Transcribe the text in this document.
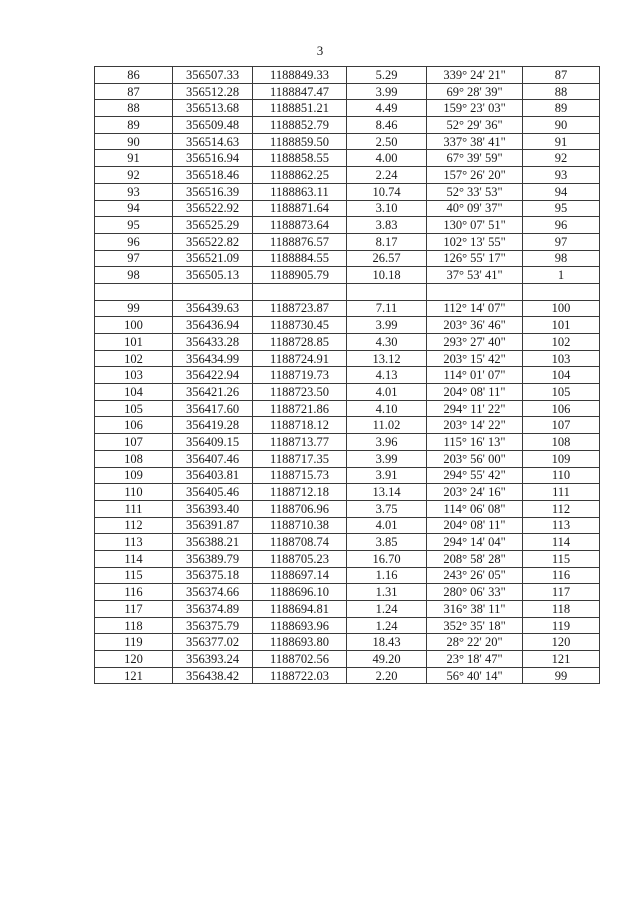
3
86	356507.33	1188849.33	5.29	339° 24' 21"	87
87	356512.28	1188847.47	3.99	69° 28' 39"	88
88	356513.68	1188851.21	4.49	159° 23' 03"	89
89	356509.48	1188852.79	8.46	52° 29' 36"	90
90	356514.63	1188859.50	2.50	337° 38' 41"	91
91	356516.94	1188858.55	4.00	67° 39' 59"	92
92	356518.46	1188862.25	2.24	157° 26' 20"	93
93	356516.39	1188863.11	10.74	52° 33' 53"	94
94	356522.92	1188871.64	3.10	40° 09' 37"	95
95	356525.29	1188873.64	3.83	130° 07' 51"	96
96	356522.82	1188876.57	8.17	102° 13' 55"	97
97	356521.09	1188884.55	26.57	126° 55' 17"	98
98	356505.13	1188905.79	10.18	37° 53' 41"	1

99	356439.63	1188723.87	7.11	112° 14' 07"	100
100	356436.94	1188730.45	3.99	203° 36' 46"	101
101	356433.28	1188728.85	4.30	293° 27' 40"	102
102	356434.99	1188724.91	13.12	203° 15' 42"	103
103	356422.94	1188719.73	4.13	114° 01' 07"	104
104	356421.26	1188723.50	4.01	204° 08' 11"	105
105	356417.60	1188721.86	4.10	294° 11' 22"	106
106	356419.28	1188718.12	11.02	203° 14' 22"	107
107	356409.15	1188713.77	3.96	115° 16' 13"	108
108	356407.46	1188717.35	3.99	203° 56' 00"	109
109	356403.81	1188715.73	3.91	294° 55' 42"	110
110	356405.46	1188712.18	13.14	203° 24' 16"	111
111	356393.40	1188706.96	3.75	114° 06' 08"	112
112	356391.87	1188710.38	4.01	204° 08' 11"	113
113	356388.21	1188708.74	3.85	294° 14' 04"	114
114	356389.79	1188705.23	16.70	208° 58' 28"	115
115	356375.18	1188697.14	1.16	243° 26' 05"	116
116	356374.66	1188696.10	1.31	280° 06' 33"	117
117	356374.89	1188694.81	1.24	316° 38' 11"	118
118	356375.79	1188693.96	1.24	352° 35' 18"	119
119	356377.02	1188693.80	18.43	28° 22' 20"	120
120	356393.24	1188702.56	49.20	23° 18' 47"	121
121	356438.42	1188722.03	2.20	56° 40' 14"	99
